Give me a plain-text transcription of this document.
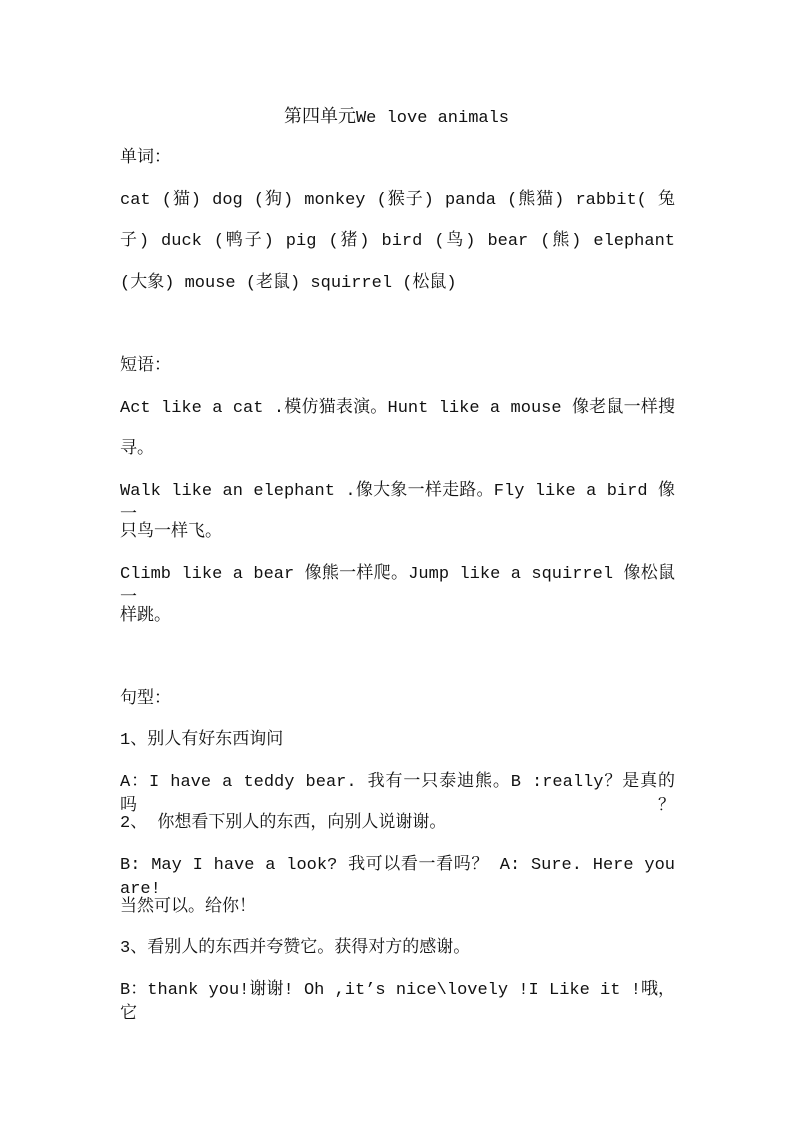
第四单元We love animals
单词：
cat (猫) dog (狗) monkey (猴子) panda (熊猫) rabbit( 兔
子) duck (鸭子) pig (猪) bird (鸟) bear (熊) elephant
(大象) mouse (老鼠) squirrel (松鼠)
短语：
Act like a cat .模仿猫表演。Hunt like a mouse 像老鼠一样搜
寻。
Walk like an elephant .像大象一样走路。Fly like a bird 像一
只鸟一样飞。
Climb like a bear 像熊一样爬。Jump like a squirrel 像松鼠一
样跳。
句型：
1、别人有好东西询问
A：I have a teddy bear. 我有一只泰迪熊。B :really？是真的吗？
2、 你想看下别人的东西，向别人说谢谢。
B: May I have a look? 我可以看一看吗？ A: Sure. Here you are!
当然可以。给你！
3、看别人的东西并夸赞它。获得对方的感谢。
B：thank you!谢谢! Oh ,it’s nice\lovely !I Like it !哦，它
